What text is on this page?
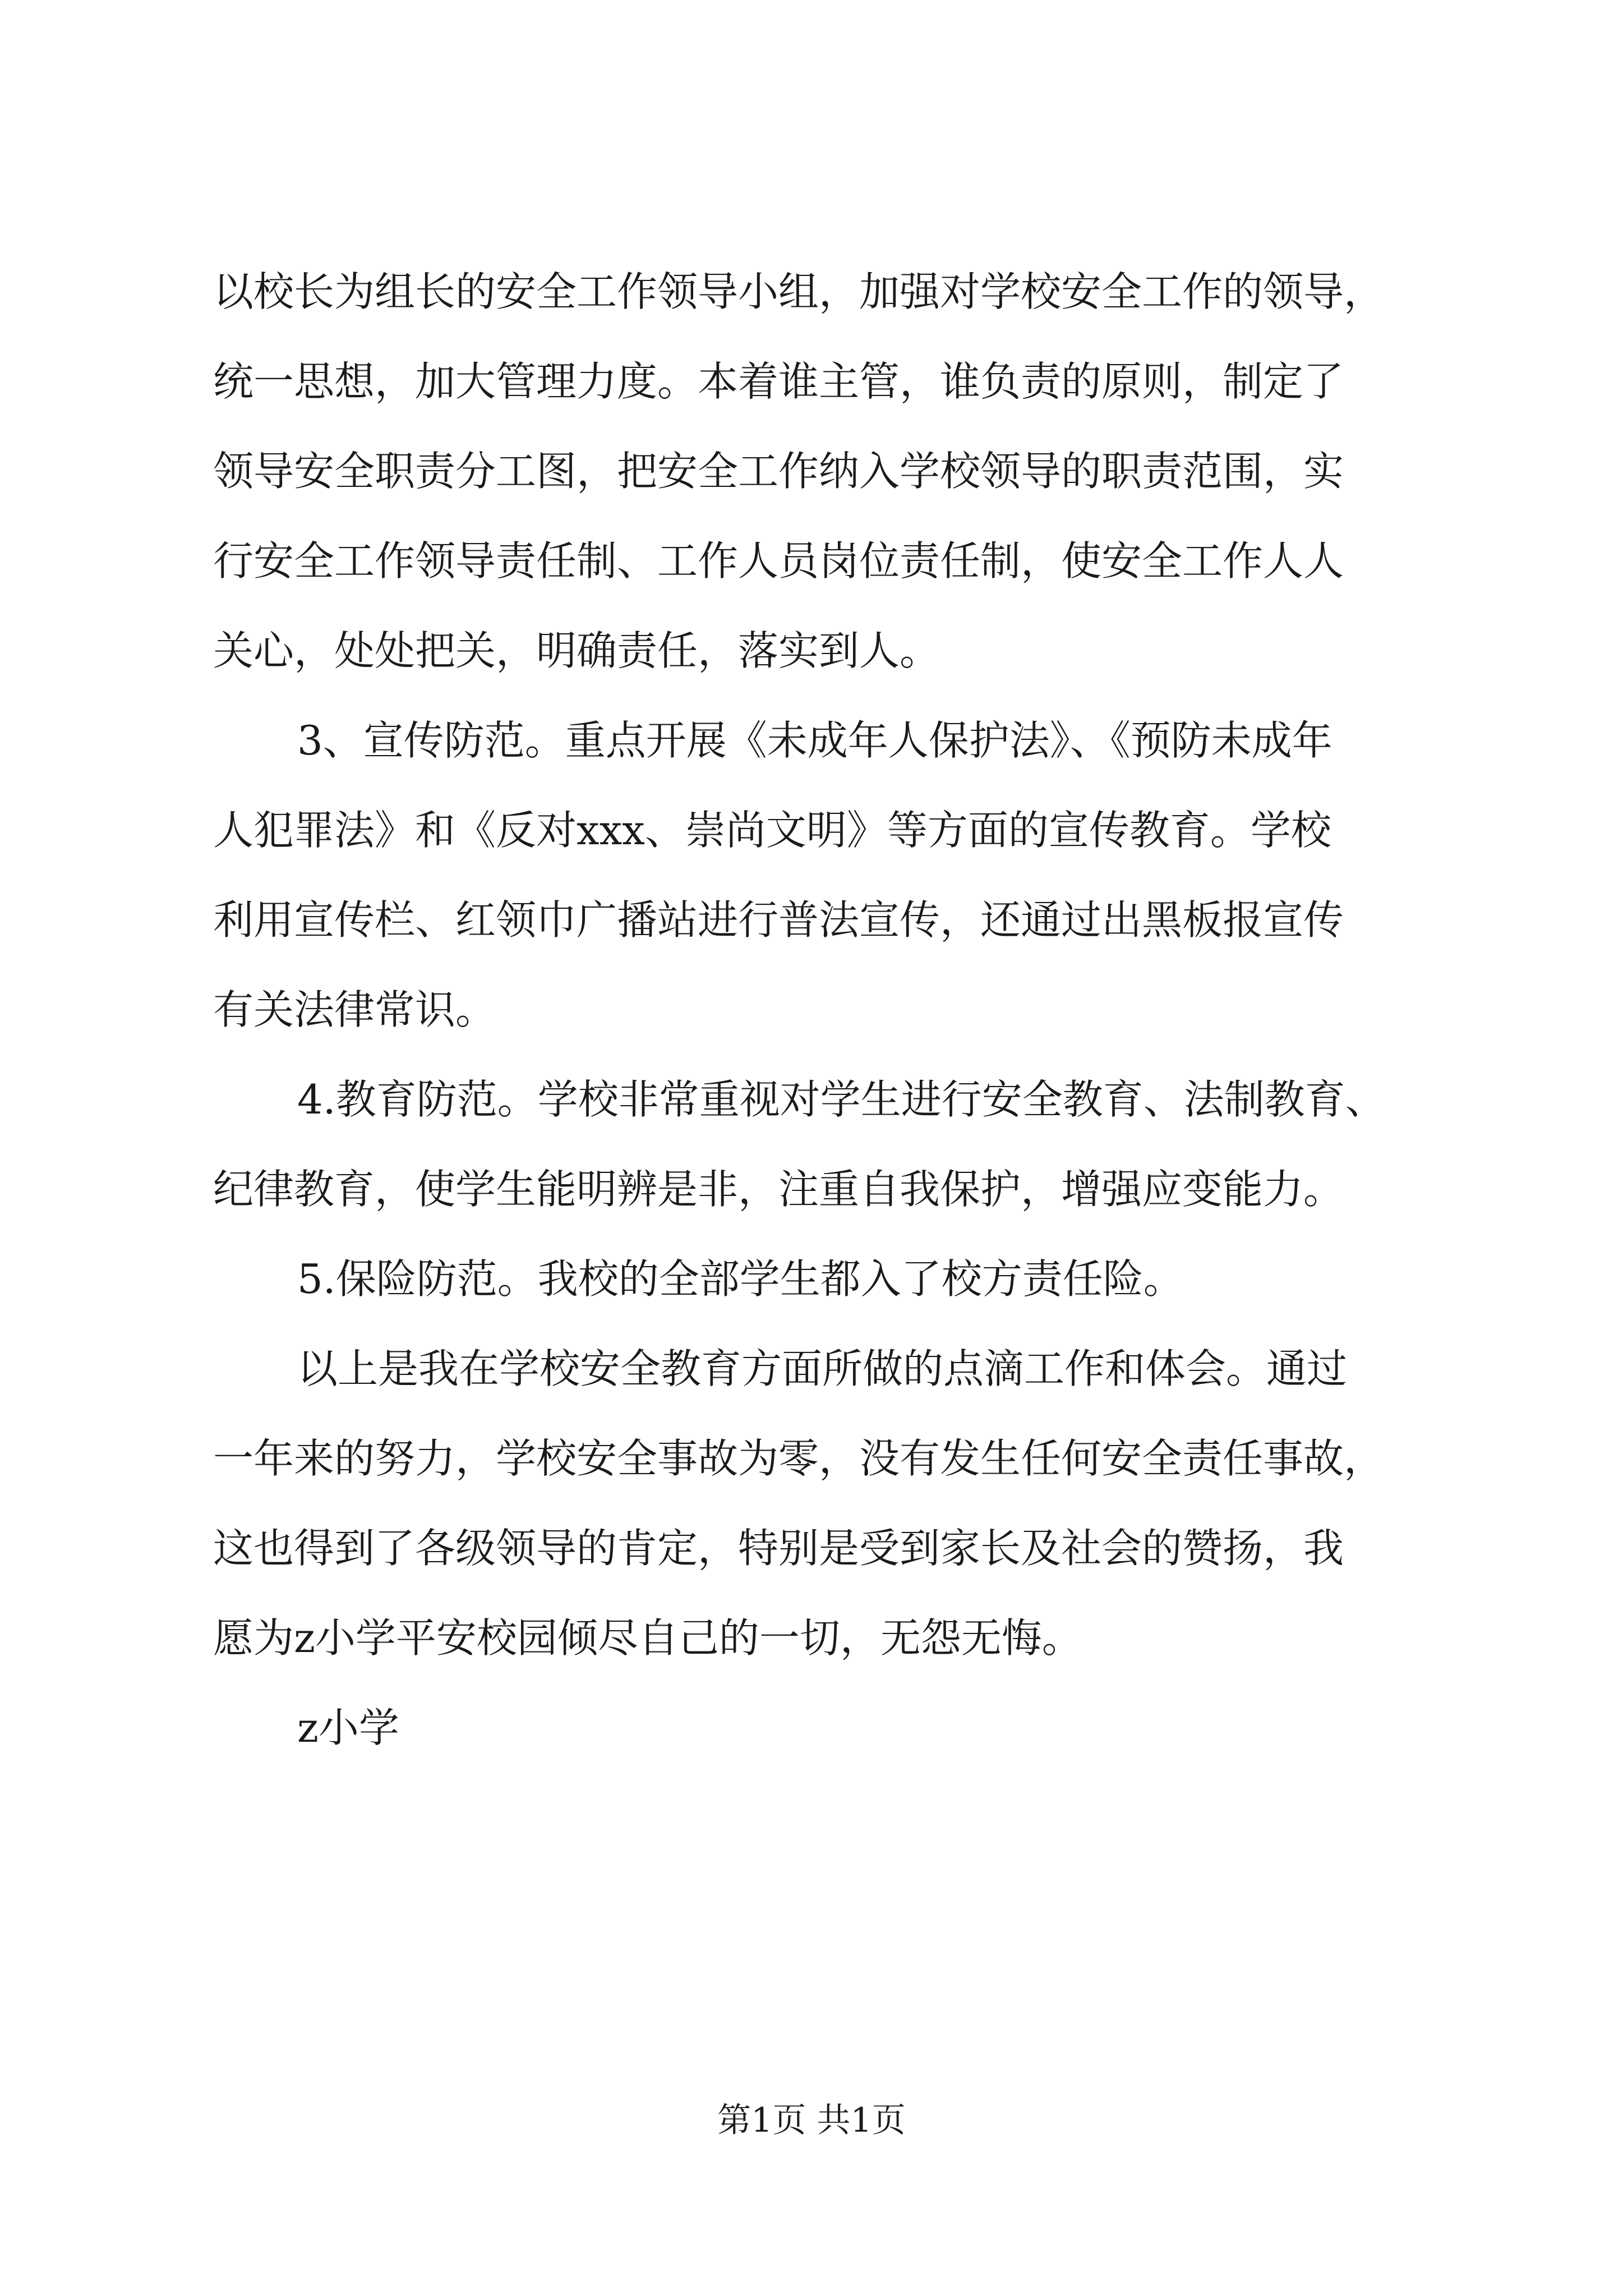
以校长为组长的安全工作领导小组，加强对学校安全工作的领导，
统一思想，加大管理力度。本着谁主管，谁负责的原则，制定了
领导安全职责分工图，把安全工作纳入学校领导的职责范围，实
行安全工作领导责任制、工作人员岗位责任制，使安全工作人人
关心，处处把关，明确责任，落实到人。
3、宣传防范。重点开展《未成年人保护法》、《预防未成年
人犯罪法》和《反对xxx、崇尚文明》等方面的宣传教育。学校
利用宣传栏、红领巾广播站进行普法宣传，还通过出黑板报宣传
有关法律常识。
4.教育防范。学校非常重视对学生进行安全教育、法制教育、
纪律教育，使学生能明辨是非，注重自我保护，增强应变能力。
5.保险防范。我校的全部学生都入了校方责任险。
以上是我在学校安全教育方面所做的点滴工作和体会。通过
一年来的努力，学校安全事故为零，没有发生任何安全责任事故，
这也得到了各级领导的肯定，特别是受到家长及社会的赞扬，我
愿为z小学平安校园倾尽自己的一切，无怨无悔。
z小学
第1页 共1页
